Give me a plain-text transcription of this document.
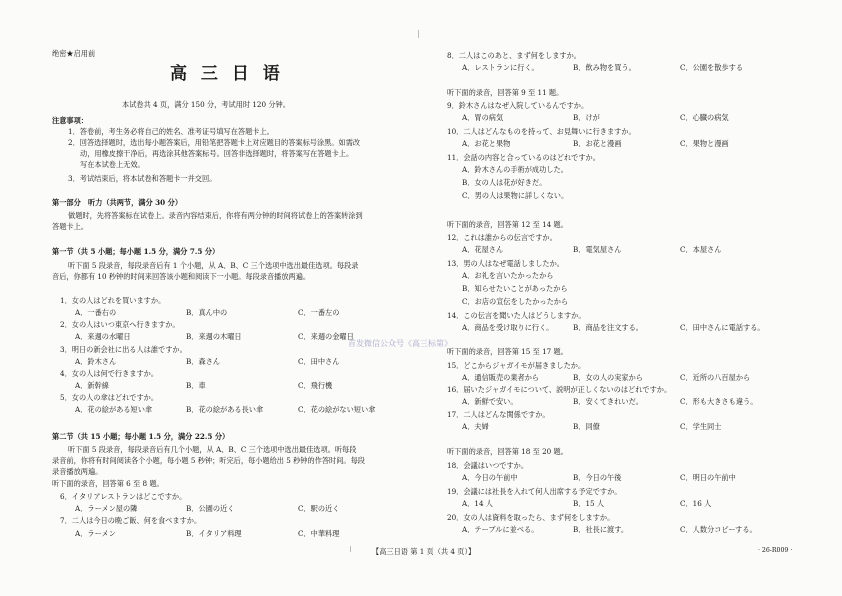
绝密★启用前
高 三 日 语
本试卷共 4 页，满分 150 分，考试用时 120 分钟。
注意事项：
1．答卷前，考生务必将自己的姓名、准考证号填写在答题卡上。
2．回答选择题时，选出每小题答案后，用铅笔把答题卡上对应题目的答案标号涂黑。如需改
动，用橡皮擦干净后，再选涂其他答案标号。回答非选择题时，将答案写在答题卡上。
写在本试卷上无效。
3．考试结束后，将本试卷和答题卡一并交回。
第一部分　听力（共两节，满分 30 分）
做题时，先将答案标在试卷上。录音内容结束后，你将有两分钟的时间将试卷上的答案转涂到
答题卡上。
第一节（共 5 小题；每小题 1.5 分，满分 7.5 分）
听下面 5 段录音，每段录音后有 1 个小题，从 A、B、C 三个选项中选出最佳选项。每段录
音后，你都有 10 秒钟的时间来回答该小题和阅读下一小题。每段录音播放两遍。
1．女の人はどれを買いますか。
A．一番右の	B．真ん中の	C．一番左の
2．女の人はいつ東京へ行きますか。
A．来週の水曜日	B．来週の木曜日	C．来週の金曜日
3．明日の新会社に出る人は誰ですか。
A．鈴木さん	B．森さん	C．田中さん
4．女の人は何で行きますか。
A．新幹線	B．車	C．飛行機
5．女の人の傘はどれですか。
A．花の絵がある短い傘	B．花の絵がある長い傘	C．花の絵がない短い傘
第二节（共 15 小题；每小题 1.5 分，满分 22.5 分）
听下面 5 段录音，每段录音后有几个小题，从 A、B、C 三个选项中选出最佳选项。听每段
录音前，你将有时间阅读各个小题，每小题 5 秒钟；听完后，每小题给出 5 秒钟的作答时间。每段
录音播放两遍。
听下面的录音，回答第 6 至 8 题。
6．イタリアレストランはどこですか。
A．ラーメン屋の隣	B．公園の近く	C．駅の近く
7．二人は今日の晩ご飯、何を食べますか。
A．ラーメン	B．イタリア料理	C．中華料理
8．二人はこのあと、まず何をしますか。
A．レストランに行く。	B．飲み物を買う。	C．公園を散歩する
听下面的录音，回答第 9 至 11 题。
9．鈴木さんはなぜ入院しているんですか。
A．胃の病気	B．けが	C．心臓の病気
10．二人はどんなものを持って、お見舞いに行きますか。
A．お花と果物	B．お花と漫画	C．果物と漫画
11．会話の内容と合っているのはどれですか。
A．鈴木さんの手術が成功した。
B．女の人は花が好きだ。
C．男の人は果物に詳しくない。
听下面的录音，回答第 12 至 14 题。
12．これは誰からの伝言ですか。
A．花屋さん	B．電気屋さん	C．本屋さん
13．男の人はなぜ電話しましたか。
A．お礼を言いたかったから
B．知らせたいことがあったから
C．お店の宣伝をしたかったから
14．この伝言を聞いた人はどうしますか。
A．商品を受け取りに行く。	B．商品を注文する。	C．田中さんに電話する。
听下面的录音，回答第 15 至 17 题。
15．どこからジャガイモが届きましたか。
A．通信販売の業者から	B．女の人の実家から	C．近所の八百屋から
16．届いたジャガイモについて、説明が正しくないのはどれですか。
A．新鮮で安い。	B．安くてきれいだ。	C．形も大きさも違う。
17．二人はどんな関係ですか。
A．夫婦	B．同僚	C．学生同士
听下面的录音，回答第 18 至 20 题。
18．会議はいつですか。
A．今日の午前中	B．今日の午後	C．明日の午前中
19．会議には社長を入れて何人出席する予定ですか。
A．14 人	B．15 人	C．16 人
20．女の人は資料を取ったら、まず何をしますか。
A．テーブルに並べる。	B．社長に渡す。	C．人数分コピーする。
首发微信公众号《高三标第》
【高三日语 第 1 页（共 4 页）】	· 26-R009 ·
